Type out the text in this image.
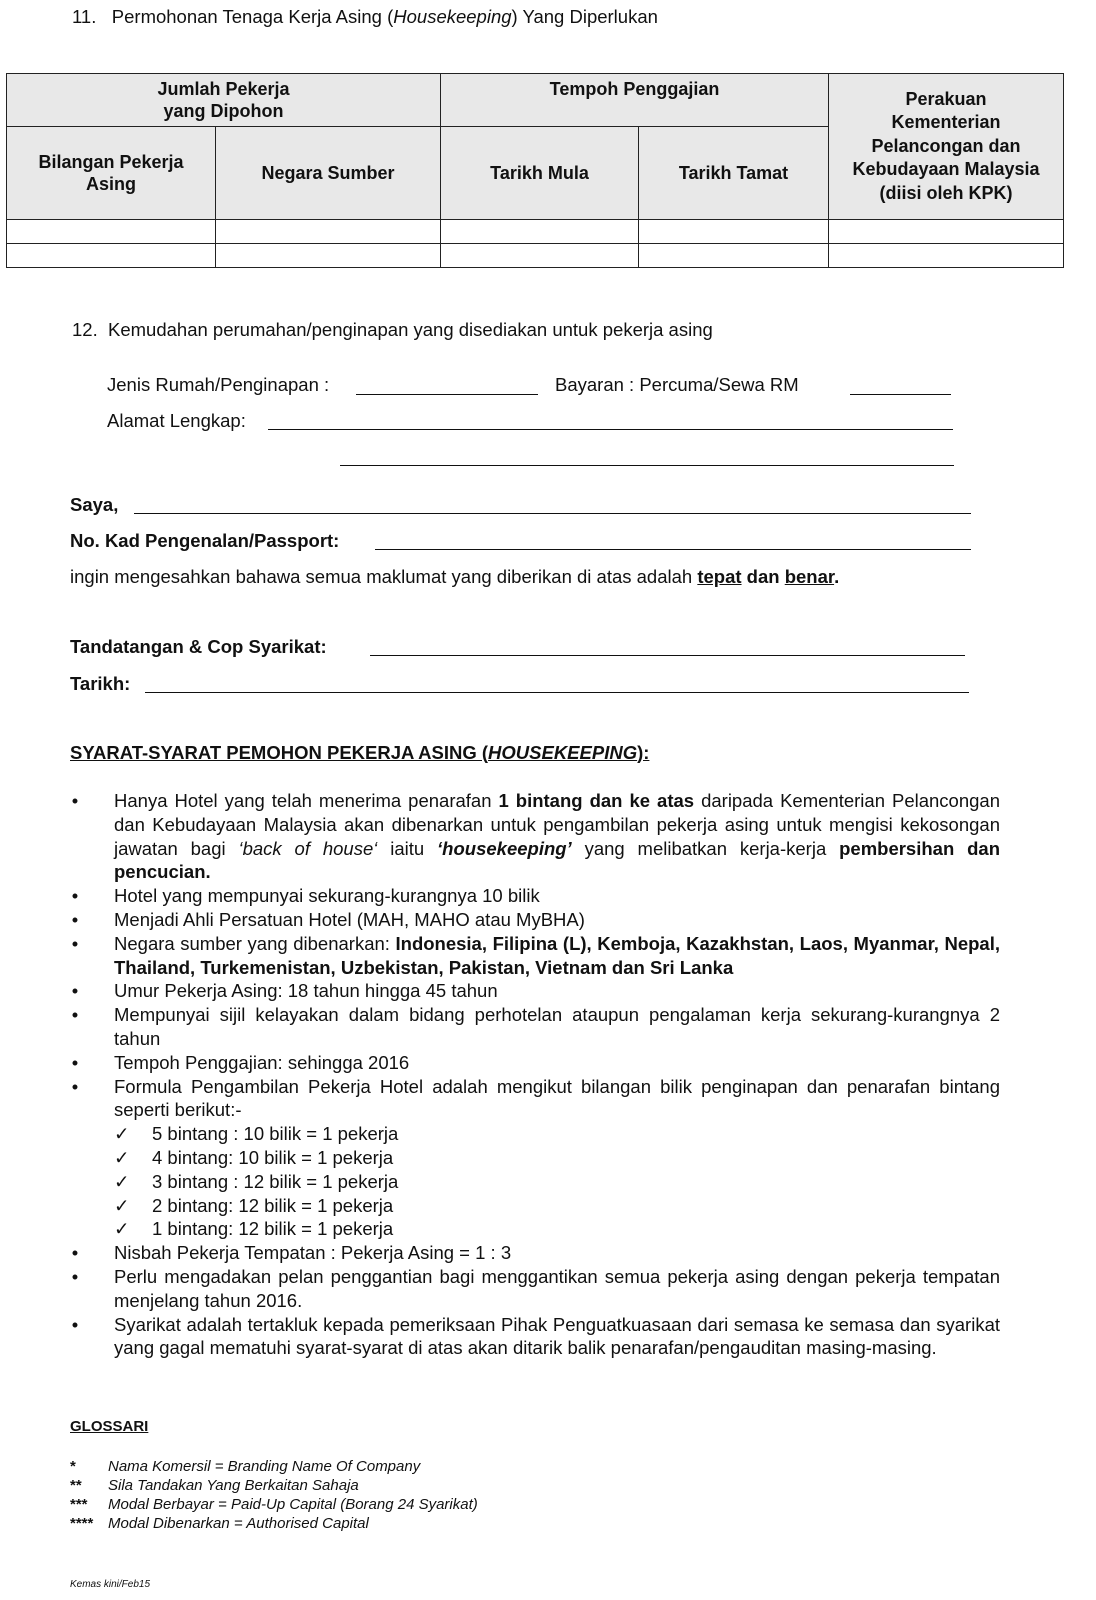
11. Permohonan Tenaga Kerja Asing (Housekeeping) Yang Diperlukan
Jumlah Pekerja yang Dipohon		Tempoh Penggajian		Perakuan Kementerian Pelancongan dan Kebudayaan Malaysia (diisi oleh KPK)
Bilangan Pekerja Asing	Negara Sumber	Tarikh Mula	Tarikh Tamat	

12. Kemudahan perumahan/penginapan yang disediakan untuk pekerja asing
Jenis Rumah/Penginapan :	Bayaran : Percuma/Sewa RM
Alamat Lengkap:
Saya,
No. Kad Pengenalan/Passport:
ingin mengesahkan bahawa semua maklumat yang diberikan di atas adalah tepat dan benar.
Tandatangan & Cop Syarikat:
Tarikh:
SYARAT-SYARAT PEMOHON PEKERJA ASING (HOUSEKEEPING):
• Hanya Hotel yang telah menerima penarafan 1 bintang dan ke atas daripada Kementerian Pelancongan dan Kebudayaan Malaysia akan dibenarkan untuk pengambilan pekerja asing untuk mengisi kekosongan jawatan bagi ‘back of house‘ iaitu ‘housekeeping’ yang melibatkan kerja-kerja pembersihan dan pencucian.
• Hotel yang mempunyai sekurang-kurangnya 10 bilik
• Menjadi Ahli Persatuan Hotel (MAH, MAHO atau MyBHA)
• Negara sumber yang dibenarkan: Indonesia, Filipina (L), Kemboja, Kazakhstan, Laos, Myanmar, Nepal, Thailand, Turkemenistan, Uzbekistan, Pakistan, Vietnam dan Sri Lanka
• Umur Pekerja Asing: 18 tahun hingga 45 tahun
• Mempunyai sijil kelayakan dalam bidang perhotelan ataupun pengalaman kerja sekurang-kurangnya 2 tahun
• Tempoh Penggajian: sehingga 2016
• Formula Pengambilan Pekerja Hotel adalah mengikut bilangan bilik penginapan dan penarafan bintang seperti berikut:-
✓ 5 bintang : 10 bilik = 1 pekerja
✓ 4 bintang: 10 bilik = 1 pekerja
✓ 3 bintang : 12 bilik = 1 pekerja
✓ 2 bintang: 12 bilik = 1 pekerja
✓ 1 bintang: 12 bilik = 1 pekerja
• Nisbah Pekerja Tempatan : Pekerja Asing = 1 : 3
• Perlu mengadakan pelan penggantian bagi menggantikan semua pekerja asing dengan pekerja tempatan menjelang tahun 2016.
• Syarikat adalah tertakluk kepada pemeriksaan Pihak Penguatkuasaan dari semasa ke semasa dan syarikat yang gagal mematuhi syarat-syarat di atas akan ditarik balik penarafan/pengauditan masing-masing.
GLOSSARI
* Nama Komersil = Branding Name Of Company
** Sila Tandakan Yang Berkaitan Sahaja
*** Modal Berbayar = Paid-Up Capital (Borang 24 Syarikat)
**** Modal Dibenarkan = Authorised Capital
Kemas kini/Feb15
